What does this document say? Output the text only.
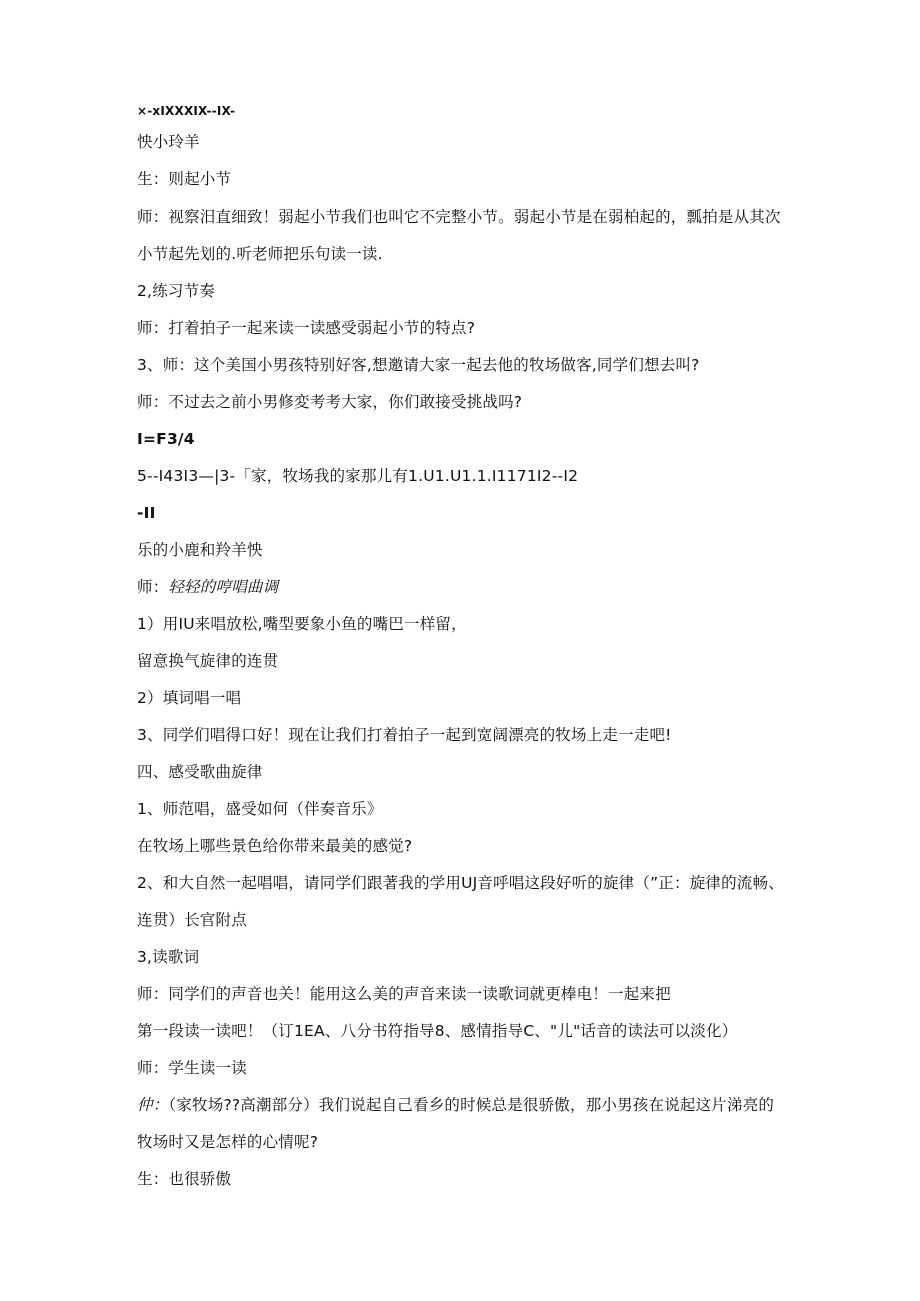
×-xIXXXIX--IX-
怏小玲羊
生：则起小节
师：视察汨直细致！弱起小节我们也叫它不完整小节。弱起小节是在弱柏起的，瓢拍是从其次
小节起先划的.听老师把乐句读一读.
2,练习节奏
师：打着拍子一起来读一读感受弱起小节的特点?
3、师：这个美国小男孩特别好客,想邀请大家一起去他的牧场做客,同学们想去叫?
师：不过去之前小男修変考考大家，你们敢接受挑战吗?
I=F3/4
5--I43I3—|3-「家，牧场我的家那儿有1.U1.U1.1.I1171I2--I2
-II
乐的小鹿和羚羊怏
师：轻轻的哼唱曲调
1）用IU来唱放松,嘴型要象小鱼的嘴巴一样留，
留意换气旋律的连贯
2）填词唱一唱
3、同学们唱得口好！现在让我们打着拍子一起到宽阔漂亮的牧场上走一走吧!
四、感受歌曲旋律
1、师范唱，盛受如何（伴奏音乐》
在牧场上哪些景色给你带来最美的感觉?
2、和大自然一起唱唱，请同学们跟著我的学用UJ音呼唱这段好听的旋律（”正：旋律的流畅、
连贯）长官附点
3,读歌词
师：同学们的声音也关！能用这么美的声音来读一读歌词就更棒电！一起来把
第一段读一读吧！（订1EA、八分书符指导8、感情指导C、"儿"话音的读法可以淡化）
师：学生读一读
仲：（家牧场??高潮部分）我们说起自己看乡的时候总是很骄傲，那小男孩在说起这片涕亮的
牧场时又是怎样的心情呢?
生：也很骄傲
